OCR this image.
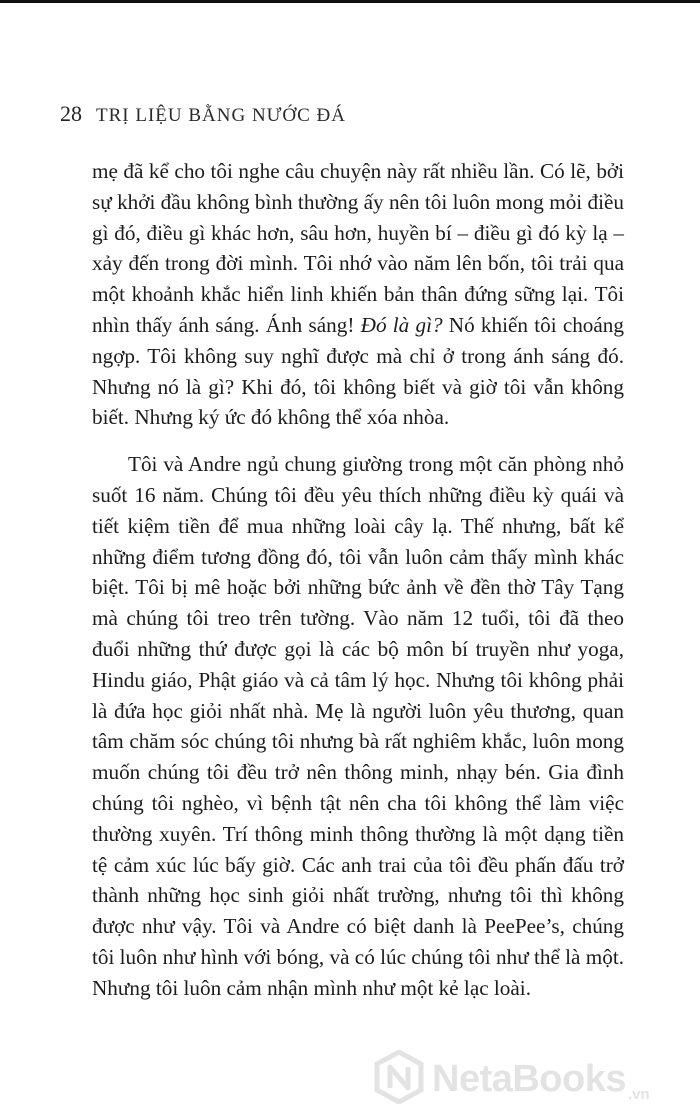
28 TRỊ LIỆU BẰNG NƯỚC ĐÁ

mẹ đã kể cho tôi nghe câu chuyện này rất nhiều lần. Có lẽ, bởi sự khởi đầu không bình thường ấy nên tôi luôn mong mỏi điều gì đó, điều gì khác hơn, sâu hơn, huyền bí – điều gì đó kỳ lạ – xảy đến trong đời mình. Tôi nhớ vào năm lên bốn, tôi trải qua một khoảnh khắc hiển linh khiến bản thân đứng sững lại. Tôi nhìn thấy ánh sáng. Ánh sáng! Đó là gì? Nó khiến tôi choáng ngợp. Tôi không suy nghĩ được mà chỉ ở trong ánh sáng đó. Nhưng nó là gì? Khi đó, tôi không biết và giờ tôi vẫn không biết. Nhưng ký ức đó không thể xóa nhòa.

Tôi và Andre ngủ chung giường trong một căn phòng nhỏ suốt 16 năm. Chúng tôi đều yêu thích những điều kỳ quái và tiết kiệm tiền để mua những loài cây lạ. Thế nhưng, bất kể những điểm tương đồng đó, tôi vẫn luôn cảm thấy mình khác biệt. Tôi bị mê hoặc bởi những bức ảnh về đền thờ Tây Tạng mà chúng tôi treo trên tường. Vào năm 12 tuổi, tôi đã theo đuổi những thứ được gọi là các bộ môn bí truyền như yoga, Hindu giáo, Phật giáo và cả tâm lý học. Nhưng tôi không phải là đứa học giỏi nhất nhà. Mẹ là người luôn yêu thương, quan tâm chăm sóc chúng tôi nhưng bà rất nghiêm khắc, luôn mong muốn chúng tôi đều trở nên thông minh, nhạy bén. Gia đình chúng tôi nghèo, vì bệnh tật nên cha tôi không thể làm việc thường xuyên. Trí thông minh thông thường là một dạng tiền tệ cảm xúc lúc bấy giờ. Các anh trai của tôi đều phấn đấu trở thành những học sinh giỏi nhất trường, nhưng tôi thì không được như vậy. Tôi và Andre có biệt danh là PeePee’s, chúng tôi luôn như hình với bóng, và có lúc chúng tôi như thể là một. Nhưng tôi luôn cảm nhận mình như một kẻ lạc loài.

NetaBooks .vn
